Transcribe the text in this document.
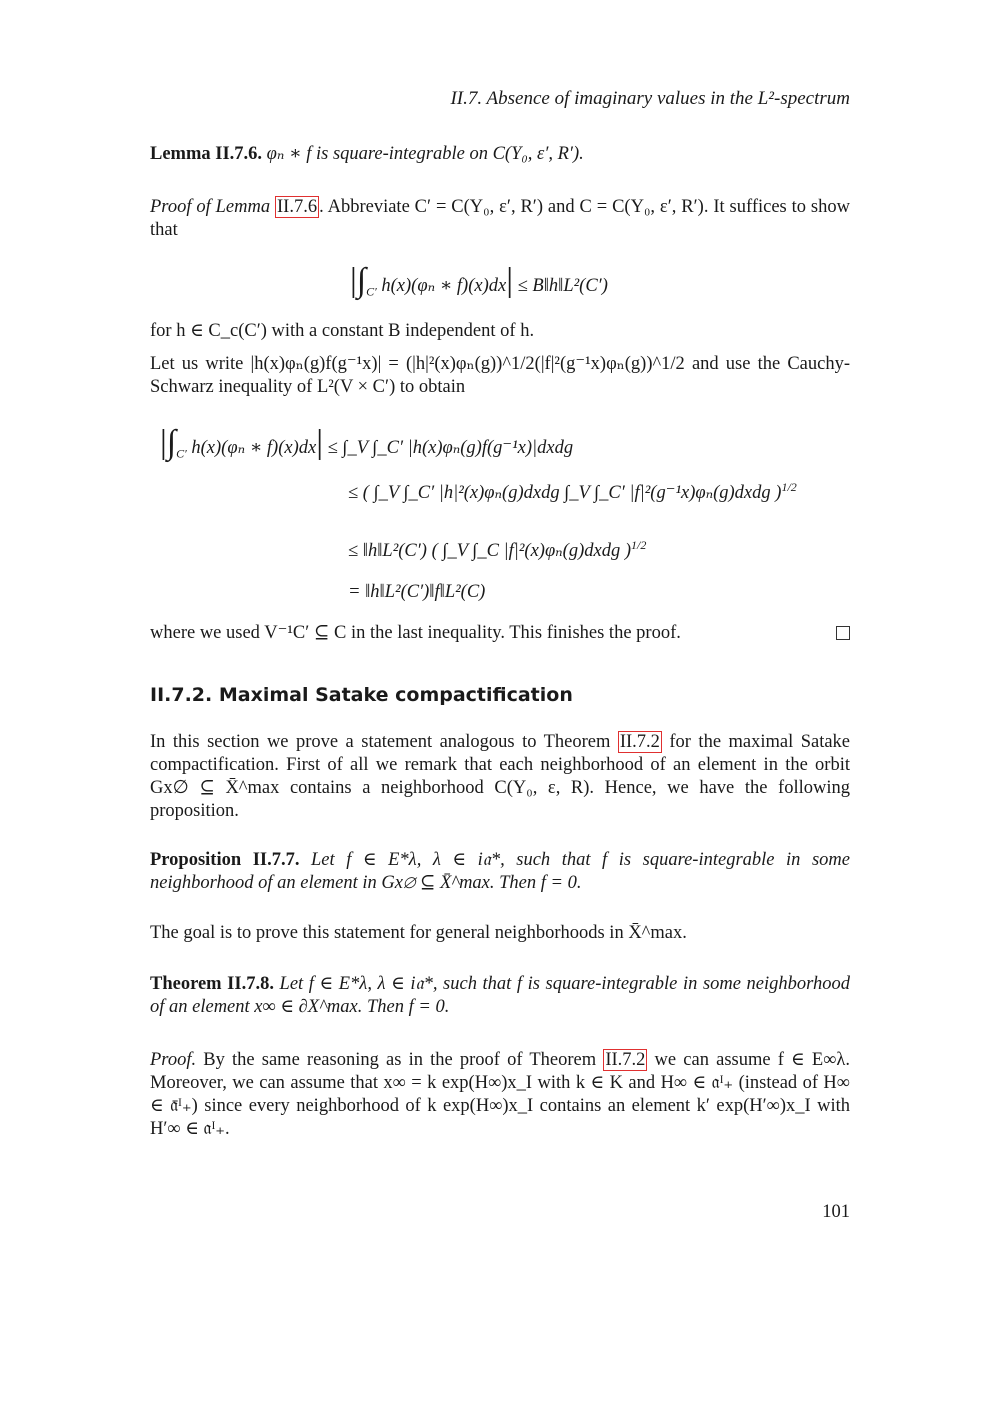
II.7. Absence of imaginary values in the L²-spectrum
Lemma II.7.6. φₙ ∗ f is square-integrable on C(Y₀, ε′, R′).
Proof of Lemma II.7.6 . Abbreviate C′ = C(Y₀, ε′, R′) and C = C(Y₀, ε′, R′). It suffices to show that
$|\int_{C'}$ h(x)(φₙ ∗ f)(x)dx| ≤ B‖h‖L²(C′)
for h ∈ C_c(C′) with a constant B independent of h.
Let us write |h(x)φₙ(g)f(g⁻¹x)| = (|h|²(x)φₙ(g))^1/2(|f|²(g⁻¹x)φₙ(g))^1/2 and use the Cauchy-Schwarz inequality of L²(V × C′) to obtain
$|\int_{C'}$ h(x)(φₙ ∗ f)(x)dx| ≤ ∫_V ∫_C′ |h(x)φₙ(g)f(g⁻¹x)|dxdg
≤ ( ∫_V ∫_C′ |h|²(x)φₙ(g)dxdg ∫_V ∫_C′ |f|²(g⁻¹x)φₙ(g)dxdg )$^{1/2}$
≤ ‖h‖L²(C′) ( ∫_V ∫_C |f|²(x)φₙ(g)dxdg )$^{1/2}$
= ‖h‖L²(C′)‖f‖L²(C)
where we used V⁻¹C′ ⊆ C in the last inequality. This finishes the proof.
II.7.2. Maximal Satake compactification
In this section we prove a statement analogous to Theorem II.7.2 for the maximal Satake compactification. First of all we remark that each neighborhood of an element in the orbit Gx∅ ⊆ X̄^max contains a neighborhood C(Y₀, ε, R). Hence, we have the following proposition.
Proposition II.7.7. Let f ∈ E*λ, λ ∈ i𝔞*, such that f is square-integrable in some neighborhood of an element in Gx∅ ⊆ X̄^max. Then f = 0.
The goal is to prove this statement for general neighborhoods in X̄^max.
Theorem II.7.8. Let f ∈ E*λ, λ ∈ i𝔞*, such that f is square-integrable in some neighborhood of an element x∞ ∈ ∂X^max. Then f = 0.
Proof. By the same reasoning as in the proof of Theorem II.7.2 we can assume f ∈ E∞λ. Moreover, we can assume that x∞ = k exp(H∞)x_I with k ∈ K and H∞ ∈ 𝔞ᴵ₊ (instead of H∞ ∈ 𝔞̄ᴵ₊) since every neighborhood of k exp(H∞)x_I contains an element k′ exp(H′∞)x_I with H′∞ ∈ 𝔞ᴵ₊.
101
